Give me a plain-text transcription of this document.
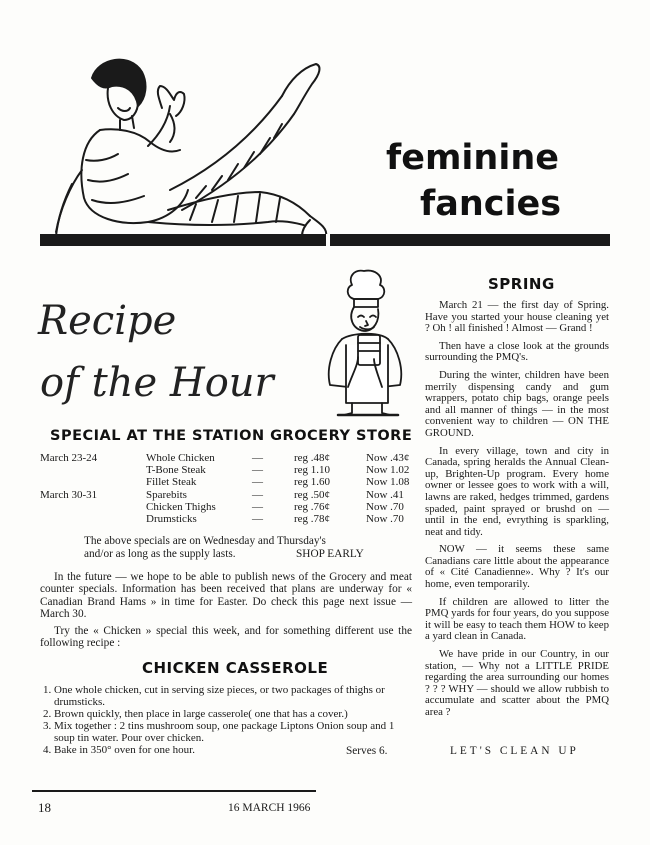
feminine
fancies
Recipe
of the Hour
SPECIAL AT THE STATION GROCERY STORE
March 23-24	Whole Chicken	—	reg .48¢	Now .43¢
	T-Bone Steak	—	reg 1.10	Now 1.02
	Fillet Steak	—	reg 1.60	Now 1.08
March 30-31	Sparebits	—	reg .50¢	Now .41
	Chicken Thighs	—	reg .76¢	Now .70
	Drumsticks	—	reg .78¢	Now .70
The above specials are on Wednesday and Thursday's
and/or as long as the supply lasts.	SHOP EARLY

In the future — we hope to be able to publish news of the Grocery and meat counter specials. Information has been received that plans are underway for « Canadian Brand Hams » in time for Easter. Do check this page next issue — March 30.

Try the « Chicken » special this week, and for something different use the following recipe :

CHICKEN CASSEROLE
1. One whole chicken, cut in serving size pieces, or two packages of thighs or drumsticks.
2. Brown quickly, then place in large casserole( one that has a cover.)
3. Mix together : 2 tins mushroom soup, one package Liptons Onion soup and 1 soup tin water. Pour over chicken.
4. Bake in 350° oven for one hour.	Serves 6.
SPRING

March 21 — the first day of Spring. Have you started your house cleaning yet ? Oh ! all finished ! Almost — Grand !

Then have a close look at the grounds surrounding the PMQ's.

During the winter, children have been merrily dispensing candy and gum wrappers, potato chip bags, orange peels and all manner of things — in the most convenient way to children — ON THE GROUND.

In every village, town and city in Canada, spring heralds the Annual Clean-up, Brighten-Up program. Every home owner or lessee goes to work with a will, lawns are raked, hedges trimmed, gardens spaded, paint sprayed or brushd on — until in the end, evrything is sparkling, neat and tidy.

NOW — it seems these same Canadians care little about the appearance of « Cité Canadienne». Why ? It's our home, even temporarily.

If children are allowed to litter the PMQ yards for four years, do you suppose it will be easy to teach them HOW to keep a yard clean in Canada.

We have pride in our Country, in our station, — Why not a LITTLE PRIDE regarding the area surrounding our homes ? ? ? WHY — should we allow rubbish to accumulate and scatter about the PMQ area ?

LET'S CLEAN UP
18	16 MARCH 1966
